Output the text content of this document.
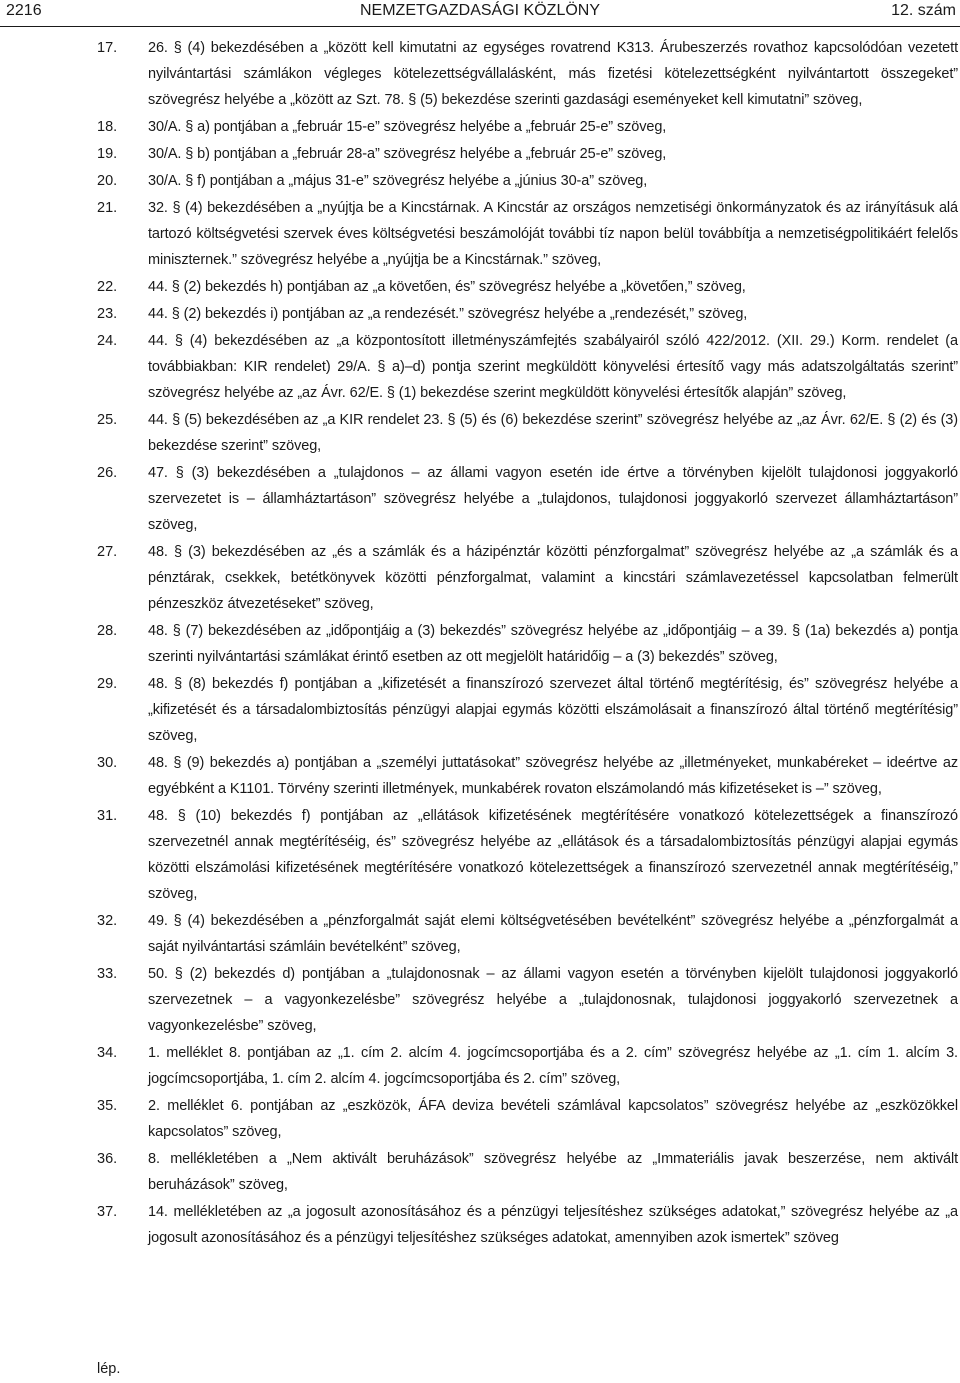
2216	NEMZETGAZDASÁGI KÖZLÖNY	12. szám
17. 26. § (4) bekezdésében a „között kell kimutatni az egységes rovatrend K313. Árubeszerzés rovathoz kapcsolódóan vezetett nyilvántartási számlákon végleges kötelezettségvállalásként, más fizetési kötelezettségként nyilvántartott összegeket” szövegrész helyébe a „között az Szt. 78. § (5) bekezdése szerinti gazdasági eseményeket kell kimutatni” szöveg,
18. 30/A. § a) pontjában a „február 15-e” szövegrész helyébe a „február 25-e” szöveg,
19. 30/A. § b) pontjában a „február 28-a” szövegrész helyébe a „február 25-e” szöveg,
20. 30/A. § f) pontjában a „május 31-e” szövegrész helyébe a „június 30-a” szöveg,
21. 32. § (4) bekezdésében a „nyújtja be a Kincstárnak. A Kincstár az országos nemzetiségi önkormányzatok és az irányításuk alá tartozó költségvetési szervek éves költségvetési beszámolóját további tíz napon belül továbbítja a nemzetiségpolitikáért felelős miniszternek.” szövegrész helyébe a „nyújtja be a Kincstárnak.” szöveg,
22. 44. § (2) bekezdés h) pontjában az „a követően, és” szövegrész helyébe a „követően,” szöveg,
23. 44. § (2) bekezdés i) pontjában az „a rendezését.” szövegrész helyébe a „rendezését,” szöveg,
24. 44. § (4) bekezdésében az „a központosított illetményszámfejtés szabályairól szóló 422/2012. (XII. 29.) Korm. rendelet (a továbbiakban: KIR rendelet) 29/A. § a)–d) pontja szerint megküldött könyvelési értesítő vagy más adatszolgáltatás szerint” szövegrész helyébe az „az Ávr. 62/E. § (1) bekezdése szerint megküldött könyvelési értesítők alapján” szöveg,
25. 44. § (5) bekezdésében az „a KIR rendelet 23. § (5) és (6) bekezdése szerint” szövegrész helyébe az „az Ávr. 62/E. § (2) és (3) bekezdése szerint” szöveg,
26. 47. § (3) bekezdésében a „tulajdonos – az állami vagyon esetén ide értve a törvényben kijelölt tulajdonosi joggyakorló szervezetet is – államháztartáson” szövegrész helyébe a „tulajdonos, tulajdonosi joggyakorló szervezet államháztartáson” szöveg,
27. 48. § (3) bekezdésében az „és a számlák és a házipénztár közötti pénzforgalmat” szövegrész helyébe az „a számlák és a pénztárak, csekkek, betétkönyvek közötti pénzforgalmat, valamint a kincstári számlavezetéssel kapcsolatban felmerült pénzeszköz átvezetéseket” szöveg,
28. 48. § (7) bekezdésében az „időpontjáig a (3) bekezdés” szövegrész helyébe az „időpontjáig – a 39. § (1a) bekezdés a) pontja szerinti nyilvántartási számlákat érintő esetben az ott megjelölt határidőig – a (3) bekezdés” szöveg,
29. 48. § (8) bekezdés f) pontjában a „kifizetését a finanszírozó szervezet által történő megtérítésig, és” szövegrész helyébe a „kifizetését és a társadalombiztosítás pénzügyi alapjai egymás közötti elszámolásait a finanszírozó által történő megtérítésig” szöveg,
30. 48. § (9) bekezdés a) pontjában a „személyi juttatásokat” szövegrész helyébe az „illetményeket, munkabéreket – ideértve az egyébként a K1101. Törvény szerinti illetmények, munkabérek rovaton elszámolandó más kifizetéseket is –” szöveg,
31. 48. § (10) bekezdés f) pontjában az „ellátások kifizetésének megtérítésére vonatkozó kötelezettségek a finanszírozó szervezetnél annak megtérítéséig, és” szövegrész helyébe az „ellátások és a társadalombiztosítás pénzügyi alapjai egymás közötti elszámolási kifizetésének megtérítésére vonatkozó kötelezettségek a finanszírozó szervezetnél annak megtérítéséig,” szöveg,
32. 49. § (4) bekezdésében a „pénzforgalmát saját elemi költségvetésében bevételként” szövegrész helyébe a „pénzforgalmát a saját nyilvántartási számláin bevételként” szöveg,
33. 50. § (2) bekezdés d) pontjában a „tulajdonosnak – az állami vagyon esetén a törvényben kijelölt tulajdonosi joggyakorló szervezetnek – a vagyonkezelésbe” szövegrész helyébe a „tulajdonosnak, tulajdonosi joggyakorló szervezetnek a vagyonkezelésbe” szöveg,
34. 1. melléklet 8. pontjában az „1. cím 2. alcím 4. jogcímcsoportjába és a 2. cím” szövegrész helyébe az „1. cím 1. alcím 3. jogcímcsoportjába, 1. cím 2. alcím 4. jogcímcsoportjába és 2. cím” szöveg,
35. 2. melléklet 6. pontjában az „eszközök, ÁFA deviza bevételi számlával kapcsolatos” szövegrész helyébe az „eszközökkel kapcsolatos” szöveg,
36. 8. mellékletében a „Nem aktivált beruházások” szövegrész helyébe az „Immateriális javak beszerzése, nem aktivált beruházások” szöveg,
37. 14. mellékletében az „a jogosult azonosításához és a pénzügyi teljesítéshez szükséges adatokat,” szövegrész helyébe az „a jogosult azonosításához és a pénzügyi teljesítéshez szükséges adatokat, amennyiben azok ismertek” szöveg
lép.
